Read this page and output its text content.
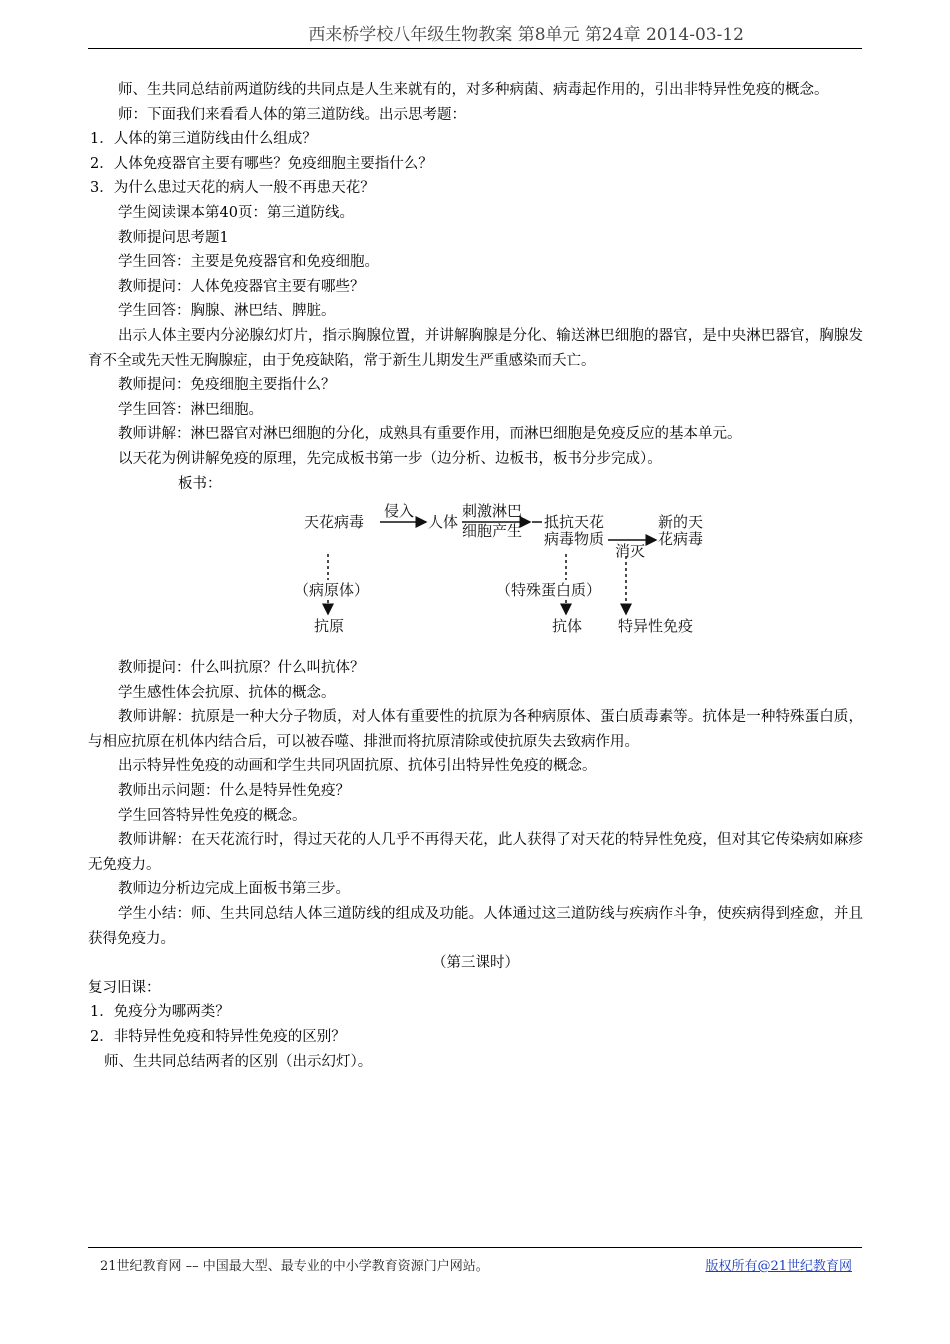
西来桥学校八年级生物教案 第8单元 第24章 2014-03-12

师、生共同总结前两道防线的共同点是人生来就有的，对多种病菌、病毒起作用的，引出非特异性免疫的概念。

师：下面我们来看看人体的第三道防线。出示思考题：

1．人体的第三道防线由什么组成？

2．人体免疫器官主要有哪些？免疫细胞主要指什么？

3．为什么患过天花的病人一般不再患天花？

学生阅读课本第40页：第三道防线。

教师提问思考题1

学生回答：主要是免疫器官和免疫细胞。

教师提问：人体免疫器官主要有哪些？

学生回答：胸腺、淋巴结、脾脏。

出示人体主要内分泌腺幻灯片，指示胸腺位置，并讲解胸腺是分化、输送淋巴细胞的器官，是中央淋巴器官，胸腺发育不全或先天性无胸腺症，由于免疫缺陷，常于新生儿期发生严重感染而夭亡。

教师提问：免疫细胞主要指什么？

学生回答：淋巴细胞。

教师讲解：淋巴器官对淋巴细胞的分化，成熟具有重要作用，而淋巴细胞是免疫反应的基本单元。

以天花为例讲解免疫的原理，先完成板书第一步（边分析、边板书，板书分步完成）。

板书：

天花病毒
侵入
人体
刺激淋巴
细胞产生 抵抗天花
病毒物质
消灭
新的天
花病毒
（病原体）
抗原
（特殊蛋白质）
抗体 特异性免疫

教师提问：什么叫抗原？什么叫抗体？

学生感性体会抗原、抗体的概念。

教师讲解：抗原是一种大分子物质，对人体有重要性的抗原为各种病原体、蛋白质毒素等。抗体是一种特殊蛋白质，与相应抗原在机体内结合后，可以被吞噬、排泄而将抗原清除或使抗原失去致病作用。

出示特异性免疫的动画和学生共同巩固抗原、抗体引出特异性免疫的概念。

教师出示问题：什么是特异性免疫？

学生回答特异性免疫的概念。

教师讲解：在天花流行时，得过天花的人几乎不再得天花，此人获得了对天花的特异性免疫，但对其它传染病如麻疹无免疫力。

教师边分析边完成上面板书第三步。

学生小结：师、生共同总结人体三道防线的组成及功能。人体通过这三道防线与疾病作斗争，使疾病得到痊愈，并且获得免疫力。

（第三课时）

复习旧课：

1．免疫分为哪两类？

2．非特异性免疫和特异性免疫的区别？

师、生共同总结两者的区别（出示幻灯）。

21世纪教育网 –– 中国最大型、最专业的中小学教育资源门户网站。	版权所有@21世纪教育网
